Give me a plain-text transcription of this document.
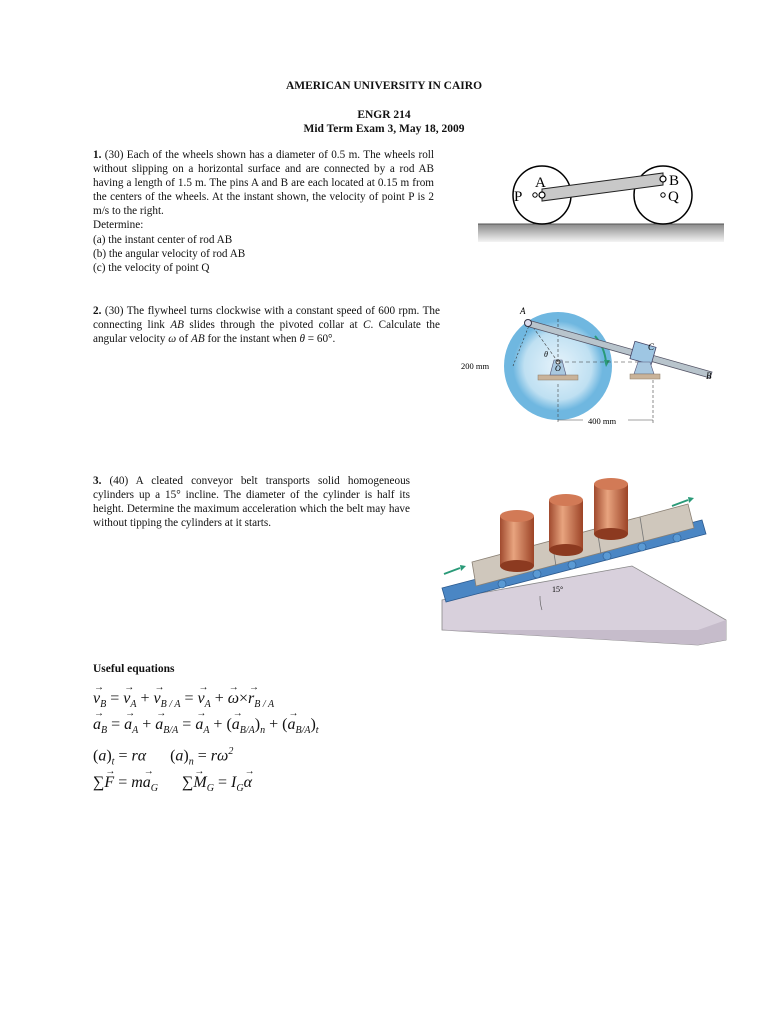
AMERICAN UNIVERSITY IN CAIRO
ENGR 214
Mid Term Exam 3, May 18, 2009
1. (30) Each of the wheels shown has a diameter of 0.5 m. The wheels roll without slipping on a horizontal surface and are connected by a rod AB having a length of 1.5 m. The pins A and B are each located at 0.15 m from the centers of the wheels. At the instant shown, the velocity of point P is 2 m/s to the right.
Determine:
(a) the instant center of rod AB
(b) the angular velocity of rod AB
(c) the velocity of point Q
A
P
B
Q
2. (30) The flywheel turns clockwise with a constant speed of 600 rpm. The connecting link AB slides through the pivoted collar at C. Calculate the angular velocity ω of AB for the instant when θ = 60°.
400 mm
200 mm
A
B
C
O
θ
3. (40) A cleated conveyor belt transports solid homogeneous cylinders up a 15° incline. The diameter of the cylinder is half its height. Determine the maximum acceleration which the belt may have without tipping the cylinders at it starts.
15°
Useful equations
→ $v_B$ = → $v_A$ + → $v_{B / A}$ = → $v_A$ + → $\omega\times\to r_{B / A}$
→ $a_B$ = → $a_A$ + → $a_{B/A}$ = → $a_A$ + (→ $a_{B/A})_n$ + (→ $a_{B/A})_t$
$(a)_t = r\alpha$      $(a)_n = r\omega^2$
∑→ $F = m\to a_G$ ∑→ $M_G = I_G\to \alpha$
